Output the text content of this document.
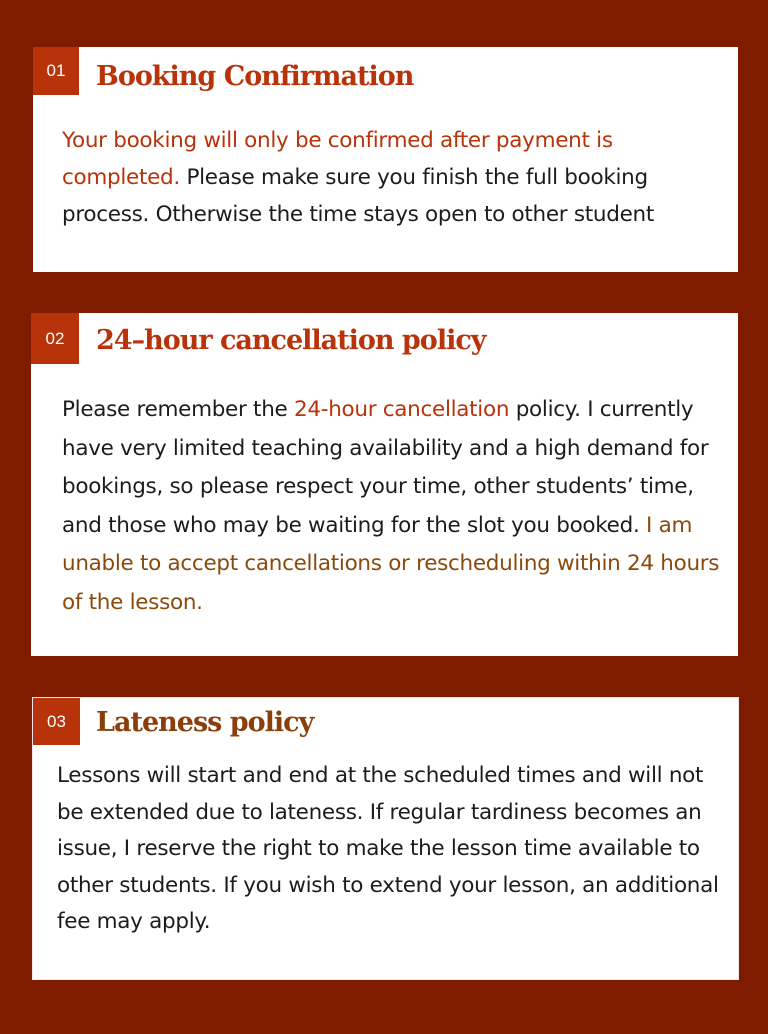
01	Booking Confirmation

Your booking will only be confirmed after payment is completed. Please make sure you finish the full booking process. Otherwise the time stays open to other student

02	24–hour cancellation policy

Please remember the 24-hour cancellation policy. I currently have very limited teaching availability and a high demand for bookings, so please respect your time, other students’ time, and those who may be waiting for the slot you booked. I am unable to accept cancellations or rescheduling within 24 hours of the lesson.

03	Lateness policy

Lessons will start and end at the scheduled times and will not be extended due to lateness. If regular tardiness becomes an issue, I reserve the right to make the lesson time available to other students. If you wish to extend your lesson, an additional fee may apply.
